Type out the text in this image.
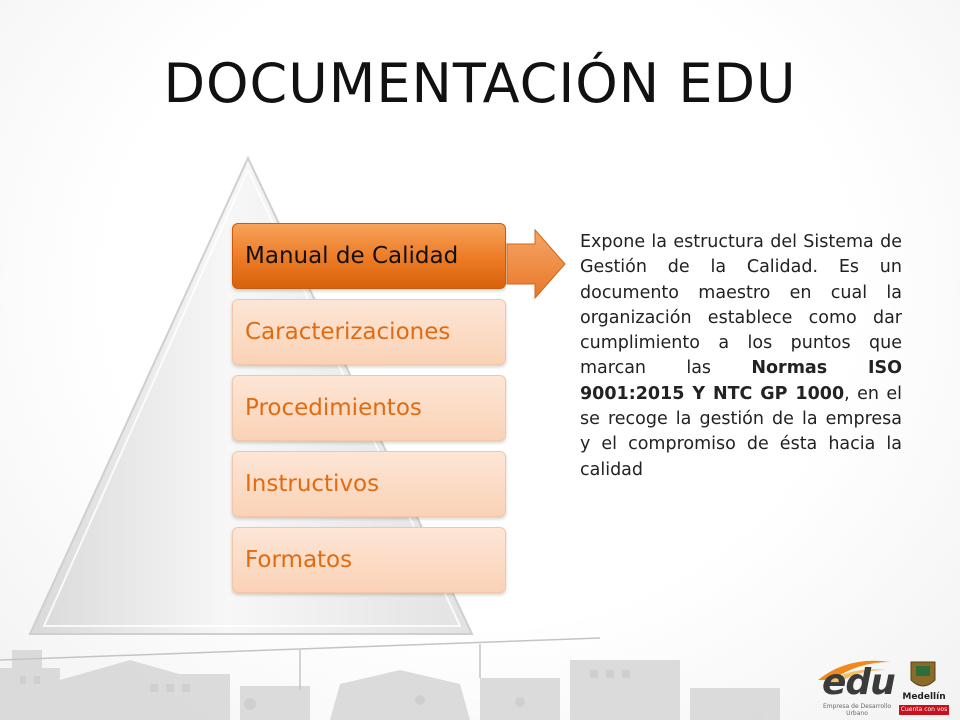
DOCUMENTACIÓN EDU
Manual de Calidad
Caracterizaciones
Procedimientos
Instructivos
Formatos
Expone la estructura del Sistema de Gestión de la Calidad. Es un documento maestro en cual la organización establece como dar cumplimiento a los puntos que marcan las Normas ISO 9001:2015 Y NTC GP 1000, en el se recoge la gestión de la empresa y el compromiso de ésta hacia la calidad
edu
Empresa de Desarrollo Urbano
Medellín
Cuenta con vos
